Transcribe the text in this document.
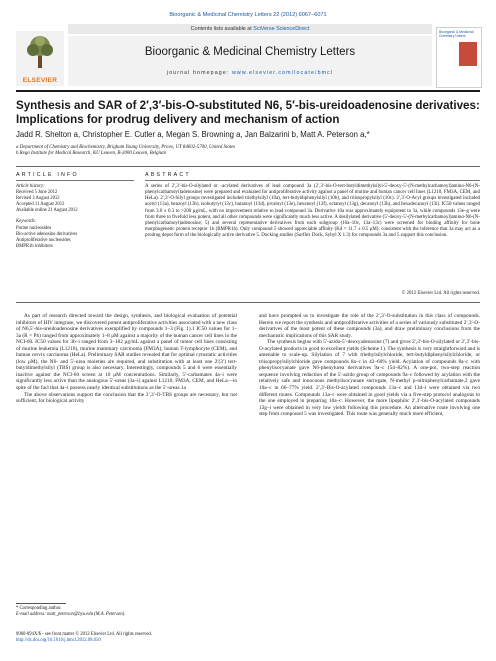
Bioorganic & Medicinal Chemistry Letters 22 (2012) 6067–6071
ELSEVIER
Contents lists available at SciVerse ScienceDirect
Bioorganic & Medicinal Chemistry Letters
journal homepage: www.elsevier.com/locate/bmcl
Bioorganic & Medicinal Chemistry Letters
Synthesis and SAR of 2′,3′-bis-O-substituted N6, 5′-bis-ureidoadenosine derivatives: Implications for prodrug delivery and mechanism of action
Jadd R. Shelton a, Christopher E. Cutler a, Megan S. Browning a, Jan Balzarini b, Matt A. Peterson a,*
a Department of Chemistry and Biochemistry, Brigham Young University, Provo, UT 84602-5700, United States
b Rega Institute for Medical Research, KU Leuven, B-3000 Leuven, Belgium
ARTICLE INFO	ABSTRACT
Article history:
Received 5 June 2012
Revised 3 August 2012
Accepted 11 August 2012
Available online 21 August 2012
Keywords:
Purine nucleosides
Bio-active adenosine derivatives
Antiproliferative nucleosides
BMPR1b inhibitors

A series of 2′,3′-bis-O-silylated or -acylated derivatives of lead compound 3a (2′,3′-bis-O-tert-butyldimethylsilyl-5′-deoxy-5′-(N-methylcarbamoyl)amino-N6-(N-phenylcarbamoyl)adenosine) were prepared and evaluated for antiproliferative activity against a panel of murine and human cancer cell lines (L1210, FM3A, CEM, and HeLa). 2′,3′-O-Silyl groups investigated included triethylsilyl (10a), tert-butyldiphenylsilyl (10b), and triisopropylsilyl (10c). 2′,3′-O-Acyl groups investigated included acetyl (13a), benzoyl (13b), isobutyryl (13c), butanoyl (13d), pivaloyl (13e), hexanoyl (13f), octanoyl (13g), decanoyl (13h), and hexadecanoyl (13i). IC50 values ranged from 3.0 ± 0.3 to >200 μg/mL, with no improvement relative to lead compound 3a. Derivative 10a was approximately equipotent to 3a, while compounds 13e–g were from three to fivefold less potent, and all other compounds were significantly much less active. A desilylated derivative (5′-deoxy-5′-(N-methylcarbamoyl)amino-N6-(N-phenylcarbamoyl)adenosine; 5) and several representative derivatives from each subgroup (10a–10c, 13a–13c) were screened for binding affinity for bone morphogenetic protein receptor 1b (BMPR1b). Only compound 5 showed appreciable affinity (Kd = 11.7 ± 0.5 μM), consistent with the inference that 3a may act as a prodrug depot form of the biologically active derivative 5. Docking studies (Surflex Dock, Sybyl X 1.3) for compounds 3a and 5 support this conclusion.

© 2012 Elsevier Ltd. All rights reserved.

As part of research directed toward the design, synthesis, and biological evaluation of potential inhibitors of HIV integrase, we discovered potent antiproliferative activities associated with a new class of N6,5′-bis-ureidoadenosine derivatives exemplified by compounds 1–3 (Fig. 1).1 IC50 values for 1–3a (R = Ph) ranged from approximately 1–8 μM against a majority of the human cancer cell lines in the NCI-60. IC50 values for 3b–i ranged from 3–182 μg/mL against a panel of tumor cell lines consisting of murine leukemia (L1210), murine mammary carcinoma (FM3A), human T-lymphocyte (CEM), and human cervix carcinoma (HeLa). Preliminary SAR studies revealed that for optimal cytostatic activities (low μM), the N6- and 5′-urea moieties are required, and substitution with at least one 2′(3′) tert-butyldimethylsilyl (TBS) group is also necessary. Interestingly, compounds 5 and 6 were essentially inactive against the NCI-60 screen at 10 μM concentrations. Similarly, 5′-carbamates 4a–i were significantly less active than the analogous 5′-ureas (3a–i) against L1210, FM3A, CEM, and HeLa—in spite of the fact that 4a–i possess nearly identical substitutions as the 5′-ureas.1a

The above observations support the conclusion that the 2′,3′-O-TBS groups are necessary, but not sufficient, for biological activity

and have prompted us to investigate the role of the 2′,3′-O-substitution in this class of compounds. Herein we report the synthesis and antiproliferative activities of a series of variously substituted 2′,3′-O-derivatives of the most potent of these compounds (3a), and draw preliminary conclusions from the mechanistic implications of this SAR study.

The synthesis begins with 5′-azido-5′-deoxyadenosine (7) and gives 2′,3′-bis-O-silylated or 2′,3′-bis-O-acylated products in good to excellent yields (Scheme 1). The synthesis is very straightforward and is amenable to scale-up. Silylation of 7 with triethylsilylchloride, tert-butyldiphenylsilylchloride, or triisopropylsilylchloride gave compounds 8a–c in 42–60% yield. Acylation of compounds 8a–c with phenylisocyanate gave N6-phenylurea derivatives 9a–c (54–82%). A one-pot, two-step reaction sequence involving reduction of the 5′-azido group of compounds 9a–c followed by acylation with the relatively safe and innocuous methylisocyanate surrogate, N-methyl p-nitrophenylcarbamate,2 gave 10a–c in 66–77% yield. 2′,3′-Bis-O-acylated compounds 13a–c and 13d–i were obtained via two different routes. Compounds 13a–c were obtained in good yields via a five-step protocol analogous to the one employed in preparing 10a–c. However, the more lipophilic 2′,3′-bis-O-acylated compounds 13g–i were obtained in very low yields following this procedure. An alternative route involving one step from compound 5 was investigated. This route was generally much more efficient,

* Corresponding author.
E-mail address: matt_peterson@byu.edu (M.A. Peterson).
0960-894X/$ - see front matter © 2012 Elsevier Ltd. All rights reserved.
http://dx.doi.org/10.1016/j.bmcl.2012.08.050
